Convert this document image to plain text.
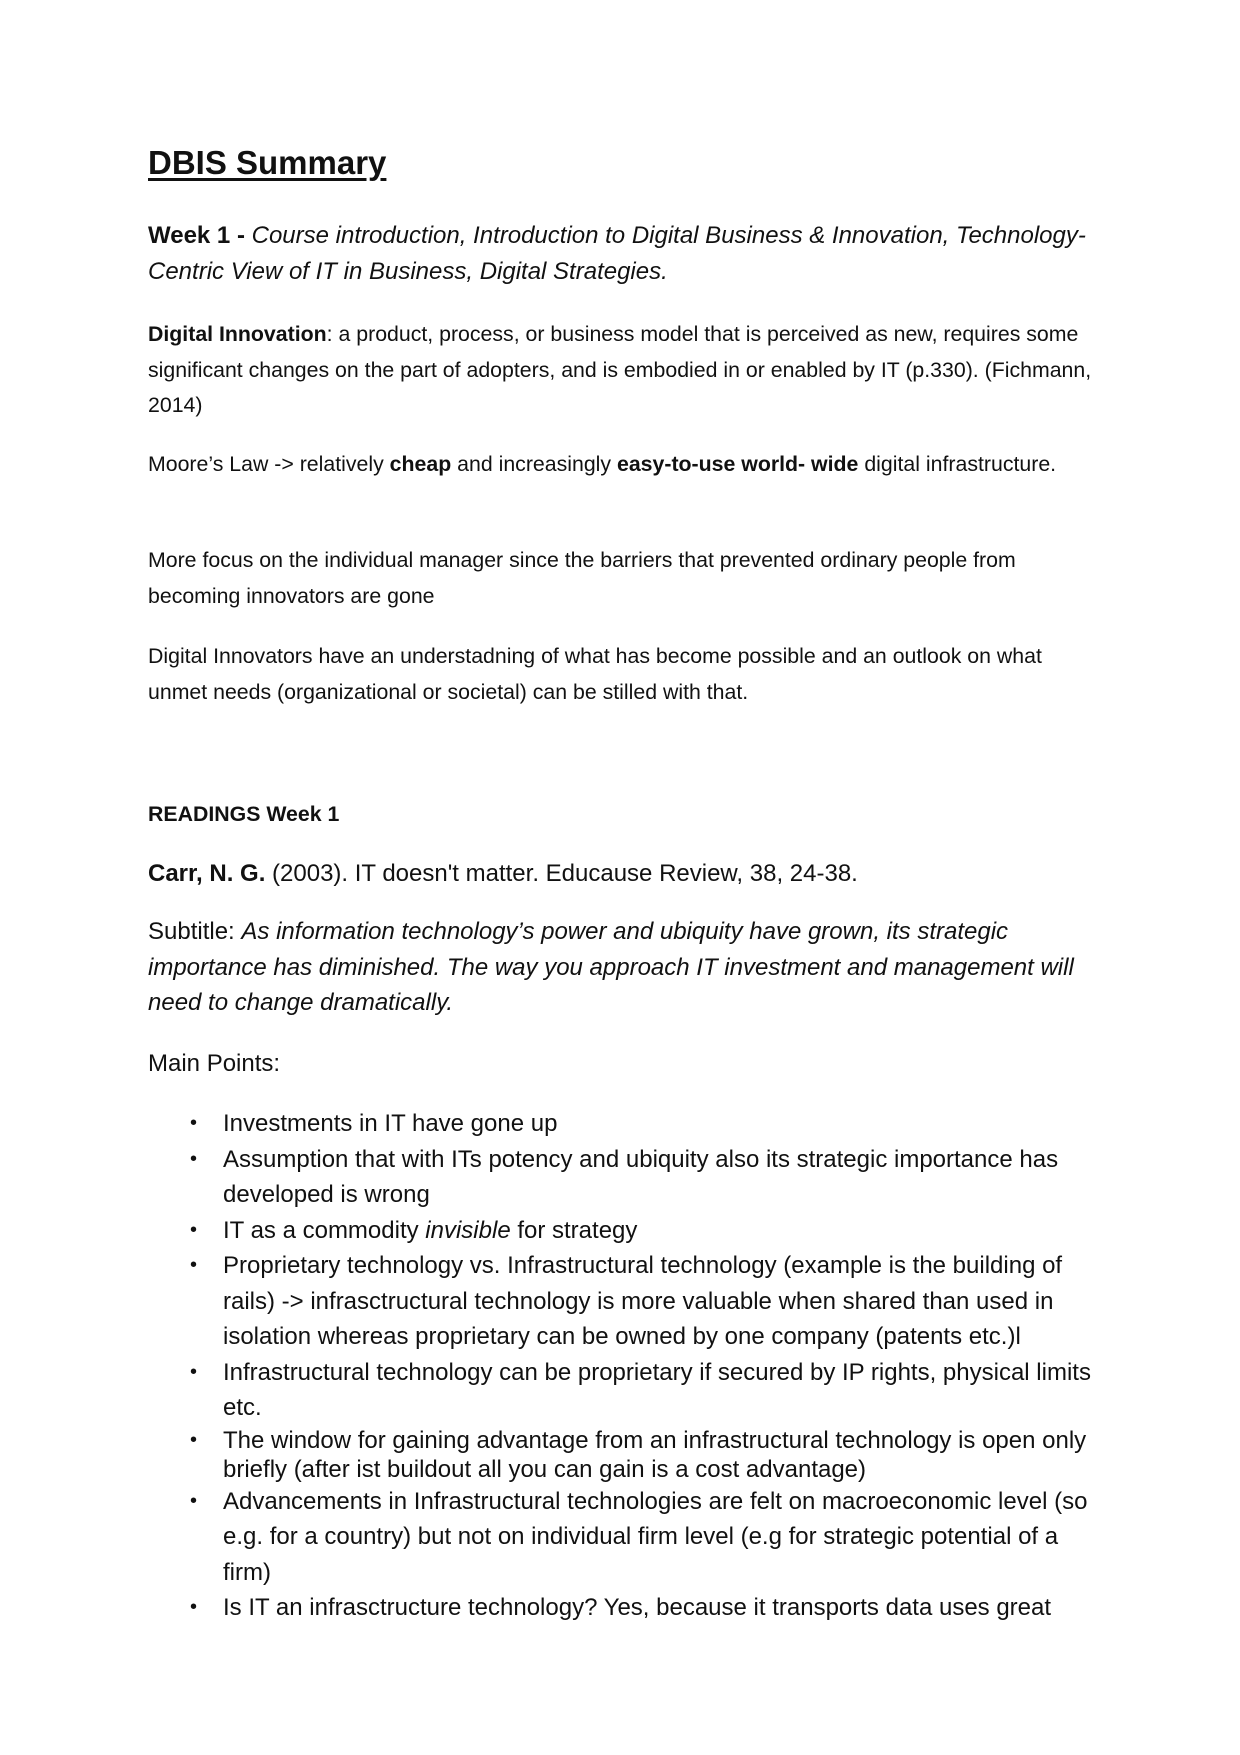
DBIS Summary

Week 1 - Course introduction, Introduction to Digital Business & Innovation, Technology-Centric View of IT in Business, Digital Strategies.

Digital Innovation: a product, process, or business model that is perceived as new, requires some significant changes on the part of adopters, and is embodied in or enabled by IT (p.330). (Fichmann, 2014)

Moore’s Law -> relatively cheap and increasingly easy-to-use world- wide digital infrastructure.

More focus on the individual manager since the barriers that prevented ordinary people from becoming innovators are gone

Digital Innovators have an understadning of what has become possible and an outlook on what unmet needs (organizational or societal) can be stilled with that.

READINGS Week 1

Carr, N. G. (2003). IT doesn't matter. Educause Review, 38, 24-38.

Subtitle: As information technology’s power and ubiquity have grown, its strategic importance has diminished. The way you approach IT investment and management will need to change dramatically.

Main Points:

• Investments in IT have gone up
• Assumption that with ITs potency and ubiquity also its strategic importance has developed is wrong
• IT as a commodity invisible for strategy
• Proprietary technology vs. Infrastructural technology (example is the building of rails) -> infrasctructural technology is more valuable when shared than used in isolation whereas proprietary can be owned by one company (patents etc.)l
• Infrastructural technology can be proprietary if secured by IP rights, physical limits etc.
• The window for gaining advantage from an infrastructural technology is open only briefly (after ist buildout all you can gain is a cost advantage)
• Advancements in Infrastructural technologies are felt on macroeconomic level (so e.g. for a country) but not on individual firm level (e.g for strategic potential of a firm)
• Is IT an infrasctructure technology? Yes, because it transports data uses great
